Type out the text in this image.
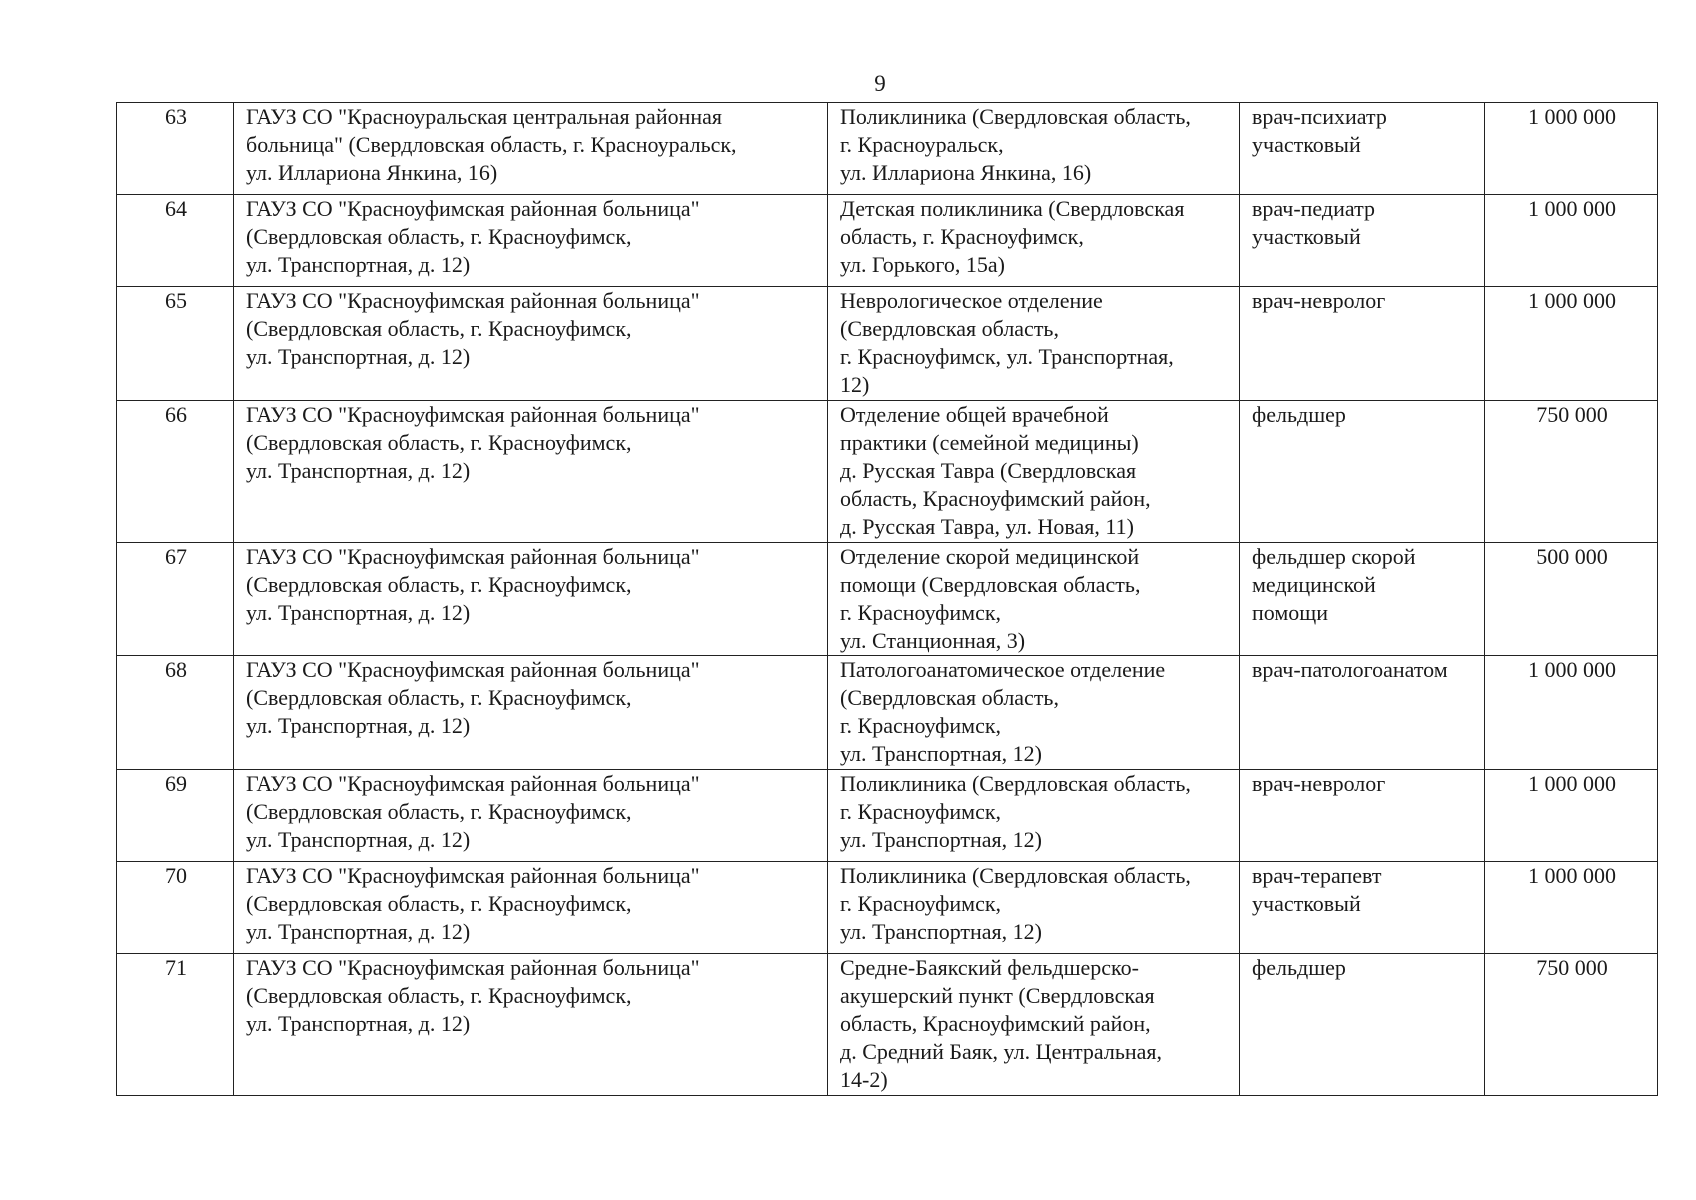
9
63	ГАУЗ СО "Красноуральская центральная районная
больница" (Свердловская область, г. Красноуральск,
ул. Иллариона Янкина, 16)	Поликлиника (Свердловская область,
г. Красноуральск,
ул. Иллариона Янкина, 16)	врач-психиатр
участковый	1 000 000
64	ГАУЗ СО "Красноуфимская районная больница"
(Свердловская область, г. Красноуфимск,
ул. Транспортная, д. 12)	Детская поликлиника (Свердловская
область, г. Красноуфимск,
ул. Горького, 15а)	врач-педиатр
участковый	1 000 000
65	ГАУЗ СО "Красноуфимская районная больница"
(Свердловская область, г. Красноуфимск,
ул. Транспортная, д. 12)	Неврологическое отделение
(Свердловская область,
г. Красноуфимск, ул. Транспортная,
12)	врач-невролог	1 000 000
66	ГАУЗ СО "Красноуфимская районная больница"
(Свердловская область, г. Красноуфимск,
ул. Транспортная, д. 12)	Отделение общей врачебной
практики (семейной медицины)
д. Русская Тавра (Свердловская
область, Красноуфимский район,
д. Русская Тавра, ул. Новая, 11)	фельдшер	750 000
67	ГАУЗ СО "Красноуфимская районная больница"
(Свердловская область, г. Красноуфимск,
ул. Транспортная, д. 12)	Отделение скорой медицинской
помощи (Свердловская область,
г. Красноуфимск,
ул. Станционная, 3)	фельдшер скорой
медицинской
помощи	500 000
68	ГАУЗ СО "Красноуфимская районная больница"
(Свердловская область, г. Красноуфимск,
ул. Транспортная, д. 12)	Патологоанатомическое отделение
(Свердловская область,
г. Красноуфимск,
ул. Транспортная, 12)	врач-патологоанатом	1 000 000
69	ГАУЗ СО "Красноуфимская районная больница"
(Свердловская область, г. Красноуфимск,
ул. Транспортная, д. 12)	Поликлиника (Свердловская область,
г. Красноуфимск,
ул. Транспортная, 12)	врач-невролог	1 000 000
70	ГАУЗ СО "Красноуфимская районная больница"
(Свердловская область, г. Красноуфимск,
ул. Транспортная, д. 12)	Поликлиника (Свердловская область,
г. Красноуфимск,
ул. Транспортная, 12)	врач-терапевт
участковый	1 000 000
71	ГАУЗ СО "Красноуфимская районная больница"
(Свердловская область, г. Красноуфимск,
ул. Транспортная, д. 12)	Средне-Баякский фельдшерско-
акушерский пункт (Свердловская
область, Красноуфимский район,
д. Средний Баяк, ул. Центральная,
14-2)	фельдшер	750 000
